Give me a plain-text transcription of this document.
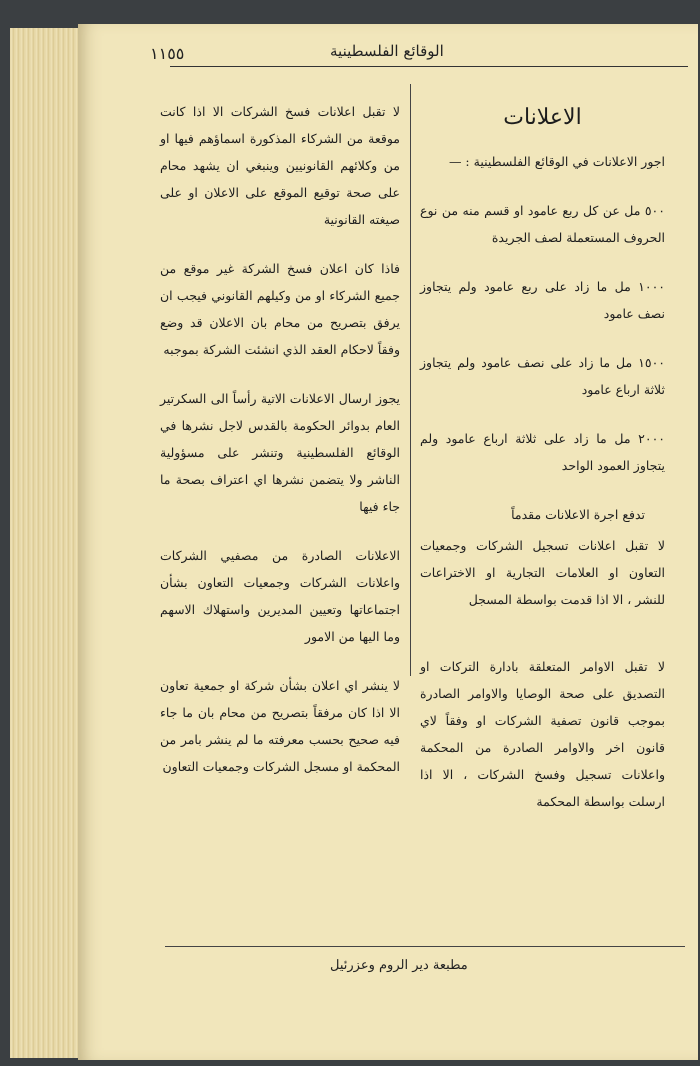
١١٥٥	الوقائع الفلسطينية
الاعلانات

اجور الاعلانات في الوقائع الفلسطينية : —

٥٠٠ مل عن كل ربع عامود او قسم منه من نوع الحروف المستعملة لصف الجريدة

١٠٠٠ مل ما زاد على ربع عامود ولم يتجاوز نصف عامود

١٥٠٠ مل ما زاد على نصف عامود ولم يتجاوز ثلاثة ارباع عامود

٢٠٠٠ مل ما زاد على ثلاثة ارباع عامود ولم يتجاوز العمود الواحد

تدفع اجرة الاعلانات مقدماً

لا تقبل اعلانات تسجيل الشركات وجمعيات التعاون او العلامات التجارية او الاختراعات للنشر ، الا اذا قدمت بواسطة المسجل

لا تقبل الاوامر المتعلقة بادارة التركات او التصديق على صحة الوصايا والاوامر الصادرة بموجب قانون تصفية الشركات او وفقاً لاي قانون اخر والاوامر الصادرة من المحكمة واعلانات تسجيل وفسخ الشركات ، الا اذا ارسلت بواسطة المحكمة

لا تقبل اعلانات فسخ الشركات الا اذا كانت موقعة من الشركاء المذكورة اسماؤهم فيها او من وكلائهم القانونيين وينبغي ان يشهد محام على صحة توقيع الموقع على الاعلان او على صيغته القانونية

فاذا كان اعلان فسخ الشركة غير موقع من جميع الشركاء او من وكيلهم القانوني فيجب ان يرفق بتصريح من محام بان الاعلان قد وضع وفقاً لاحكام العقد الذي انشئت الشركة بموجبه

يجوز ارسال الاعلانات الاتية رأساً الى السكرتير العام بدوائر الحكومة بالقدس لاجل نشرها في الوقائع الفلسطينية وتنشر على مسؤولية الناشر ولا يتضمن نشرها اي اعتراف بصحة ما جاء فيها

الاعلانات الصادرة من مصفيي الشركات واعلانات الشركات وجمعيات التعاون بشأن اجتماعاتها وتعيين المديرين واستهلاك الاسهم وما اليها من الامور

لا ينشر اي اعلان بشأن شركة او جمعية تعاون الا اذا كان مرفقاً بتصريح من محام بان ما جاء فيه صحيح بحسب معرفته ما لم ينشر بامر من المحكمة او مسجل الشركات وجمعيات التعاون

مطبعة دير الروم وعزرئيل
